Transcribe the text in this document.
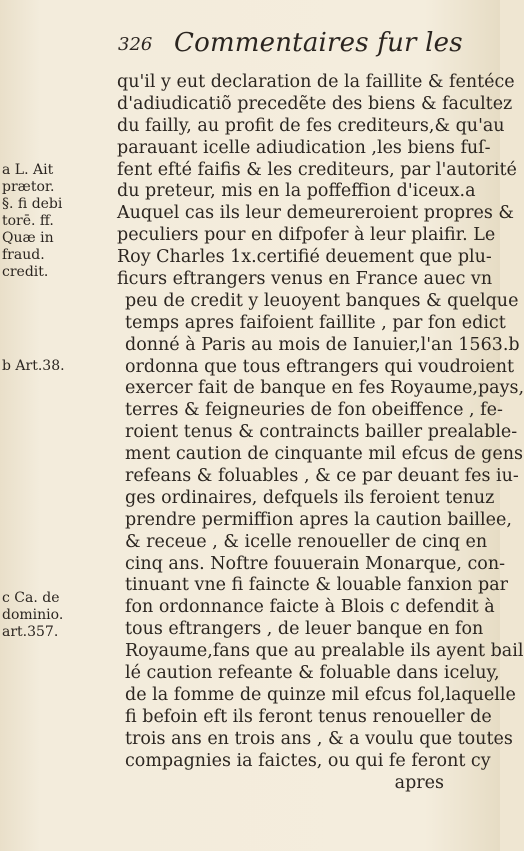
326 Commentaires fur les
qu'il y eut declaration de la faillite & fentéce
d'adiudicatiõ precedẽte des biens & facultez
du failly, au profit de fes crediteurs,& qu'au
parauant icelle adiudication ,les biens fuſ-
fent efté faifis & les crediteurs, par l'autorité
du preteur, mis en la poffeffion d'iceux.a
Auquel cas ils leur demeureroient propres &
peculiers pour en difpofer à leur plaifir. Le
Roy Charles 1x.certifié deuement que plu-
ficurs eftrangers venus en France auec vn
peu de credit y leuoyent banques & quelque
temps apres faifoient faillite , par fon edict
donné à Paris au mois de Ianuier,l'an 1563.b
ordonna que tous eftrangers qui voudroient
exercer fait de banque en fes Royaume,pays,
terres & feigneuries de fon obeiffence , fe-
roient tenus & contraincts bailler prealable-
ment caution de cinquante mil efcus de gens
refeans & foluables , & ce par deuant fes iu-
ges ordinaires, defquels ils feroient tenuz
prendre permiffion apres la caution baillee,
& receue , & icelle renoueller de cinq en
cinq ans. Noftre fouuerain Monarque, con-
tinuant vne fi faincte & louable fanxion par
fon ordonnance faicte à Blois c defendit à
tous eftrangers , de leuer banque en fon
Royaume,fans que au prealable ils ayent bail
lé caution refeante & foluable dans iceluy,
de la fomme de quinze mil efcus fol,laquelle
fi befoin eft ils feront tenus renoueller de
trois ans en trois ans , & a voulu que toutes
compagnies ia faictes, ou qui fe feront cy
apres
a L. Ait
prætor.
§. fi debi
torē. ff.
Quæ in
fraud.
credit.
b Art.38.
c Ca. de
dominio.
art.357.
